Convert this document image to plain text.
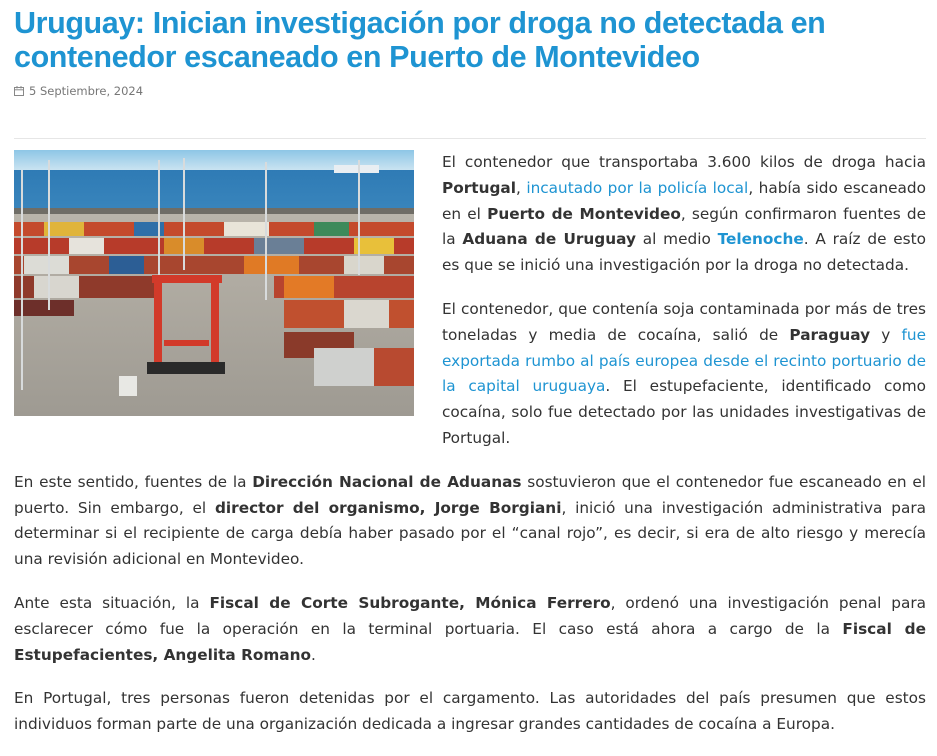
Uruguay: Inician investigación por droga no detectada en contenedor escaneado en Puerto de Montevideo
5 Septiembre, 2024

El contenedor que transportaba 3.600 kilos de droga hacia Portugal, incautado por la policía local, había sido escaneado en el Puerto de Montevideo, según confirmaron fuentes de la Aduana de Uruguay al medio Telenoche. A raíz de esto es que se inició una investigación por la droga no detectada.

El contenedor, que contenía soja contaminada por más de tres toneladas y media de cocaína, salió de Paraguay y fue exportada rumbo al país europea desde el recinto portuario de la capital uruguaya. El estupefaciente, identificado como cocaína, solo fue detectado por las unidades investigativas de Portugal.

En este sentido, fuentes de la Dirección Nacional de Aduanas sostuvieron que el contenedor fue escaneado en el puerto. Sin embargo, el director del organismo, Jorge Borgiani, inició una investigación administrativa para determinar si el recipiente de carga debía haber pasado por el “canal rojo”, es decir, si era de alto riesgo y merecía una revisión adicional en Montevideo.

Ante esta situación, la Fiscal de Corte Subrogante, Mónica Ferrero, ordenó una investigación penal para esclarecer cómo fue la operación en la terminal portuaria. El caso está ahora a cargo de la Fiscal de Estupefacientes, Angelita Romano.

En Portugal, tres personas fueron detenidas por el cargamento. Las autoridades del país presumen que estos individuos forman parte de una organización dedicada a ingresar grandes cantidades de cocaína a Europa.
